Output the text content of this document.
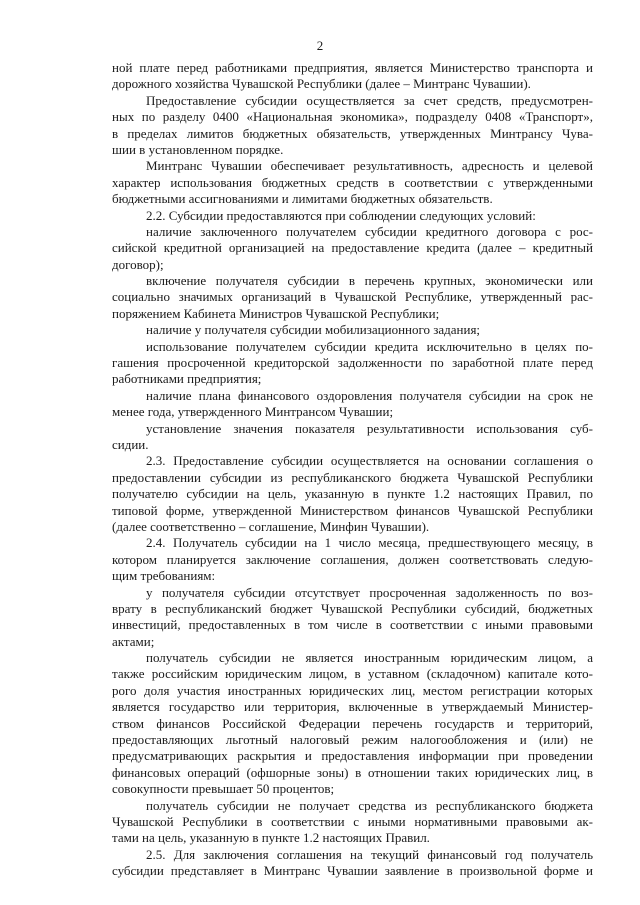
2
ной плате перед работниками предприятия, является Министерство транспорта и
дорожного хозяйства Чувашской Республики (далее – Минтранс Чувашии).
Предоставление субсидии осуществляется за счет средств, предусмотрен-
ных по разделу 0400 «Национальная экономика», подразделу 0408 «Транспорт»,
в пределах лимитов бюджетных обязательств, утвержденных Минтрансу Чува-
шии в установленном порядке.
Минтранс Чувашии обеспечивает результативность, адресность и целевой
характер использования бюджетных средств в соответствии с утвержденными
бюджетными ассигнованиями и лимитами бюджетных обязательств.
2.2. Субсидии предоставляются при соблюдении следующих условий:
наличие заключенного получателем субсидии кредитного договора с рос-
сийской кредитной организацией на предоставление кредита (далее – кредитный
договор);
включение получателя субсидии в перечень крупных, экономически или
социально значимых организаций в Чувашской Республике, утвержденный рас-
поряжением Кабинета Министров Чувашской Республики;
наличие у получателя субсидии мобилизационного задания;
использование получателем субсидии кредита исключительно в целях по-
гашения просроченной кредиторской задолженности по заработной плате перед
работниками предприятия;
наличие плана финансового оздоровления получателя субсидии на срок не
менее года, утвержденного Минтрансом Чувашии;
установление значения показателя результативности использования суб-
сидии.
2.3. Предоставление субсидии осуществляется на основании соглашения о
предоставлении субсидии из республиканского бюджета Чувашской Республики
получателю субсидии на цель, указанную в пункте 1.2 настоящих Правил, по
типовой форме, утвержденной Министерством финансов Чувашской Республики
(далее соответственно – соглашение, Минфин Чувашии).
2.4. Получатель субсидии на 1 число месяца, предшествующего месяцу, в
котором планируется заключение соглашения, должен соответствовать следую-
щим требованиям:
у получателя субсидии отсутствует просроченная задолженность по воз-
врату в республиканский бюджет Чувашской Республики субсидий, бюджетных
инвестиций, предоставленных в том числе в соответствии с иными правовыми
актами;
получатель субсидии не является иностранным юридическим лицом, а
также российским юридическим лицом, в уставном (складочном) капитале кото-
рого доля участия иностранных юридических лиц, местом регистрации которых
является государство или территория, включенные в утверждаемый Министер-
ством финансов Российской Федерации перечень государств и территорий,
предоставляющих льготный налоговый режим налогообложения и (или) не
предусматривающих раскрытия и предоставления информации при проведении
финансовых операций (офшорные зоны) в отношении таких юридических лиц, в
совокупности превышает 50 процентов;
получатель субсидии не получает средства из республиканского бюджета
Чувашской Республики в соответствии с иными нормативными правовыми ак-
тами на цель, указанную в пункте 1.2 настоящих Правил.
2.5. Для заключения соглашения на текущий финансовый год получатель
субсидии представляет в Минтранс Чувашии заявление в произвольной форме и
